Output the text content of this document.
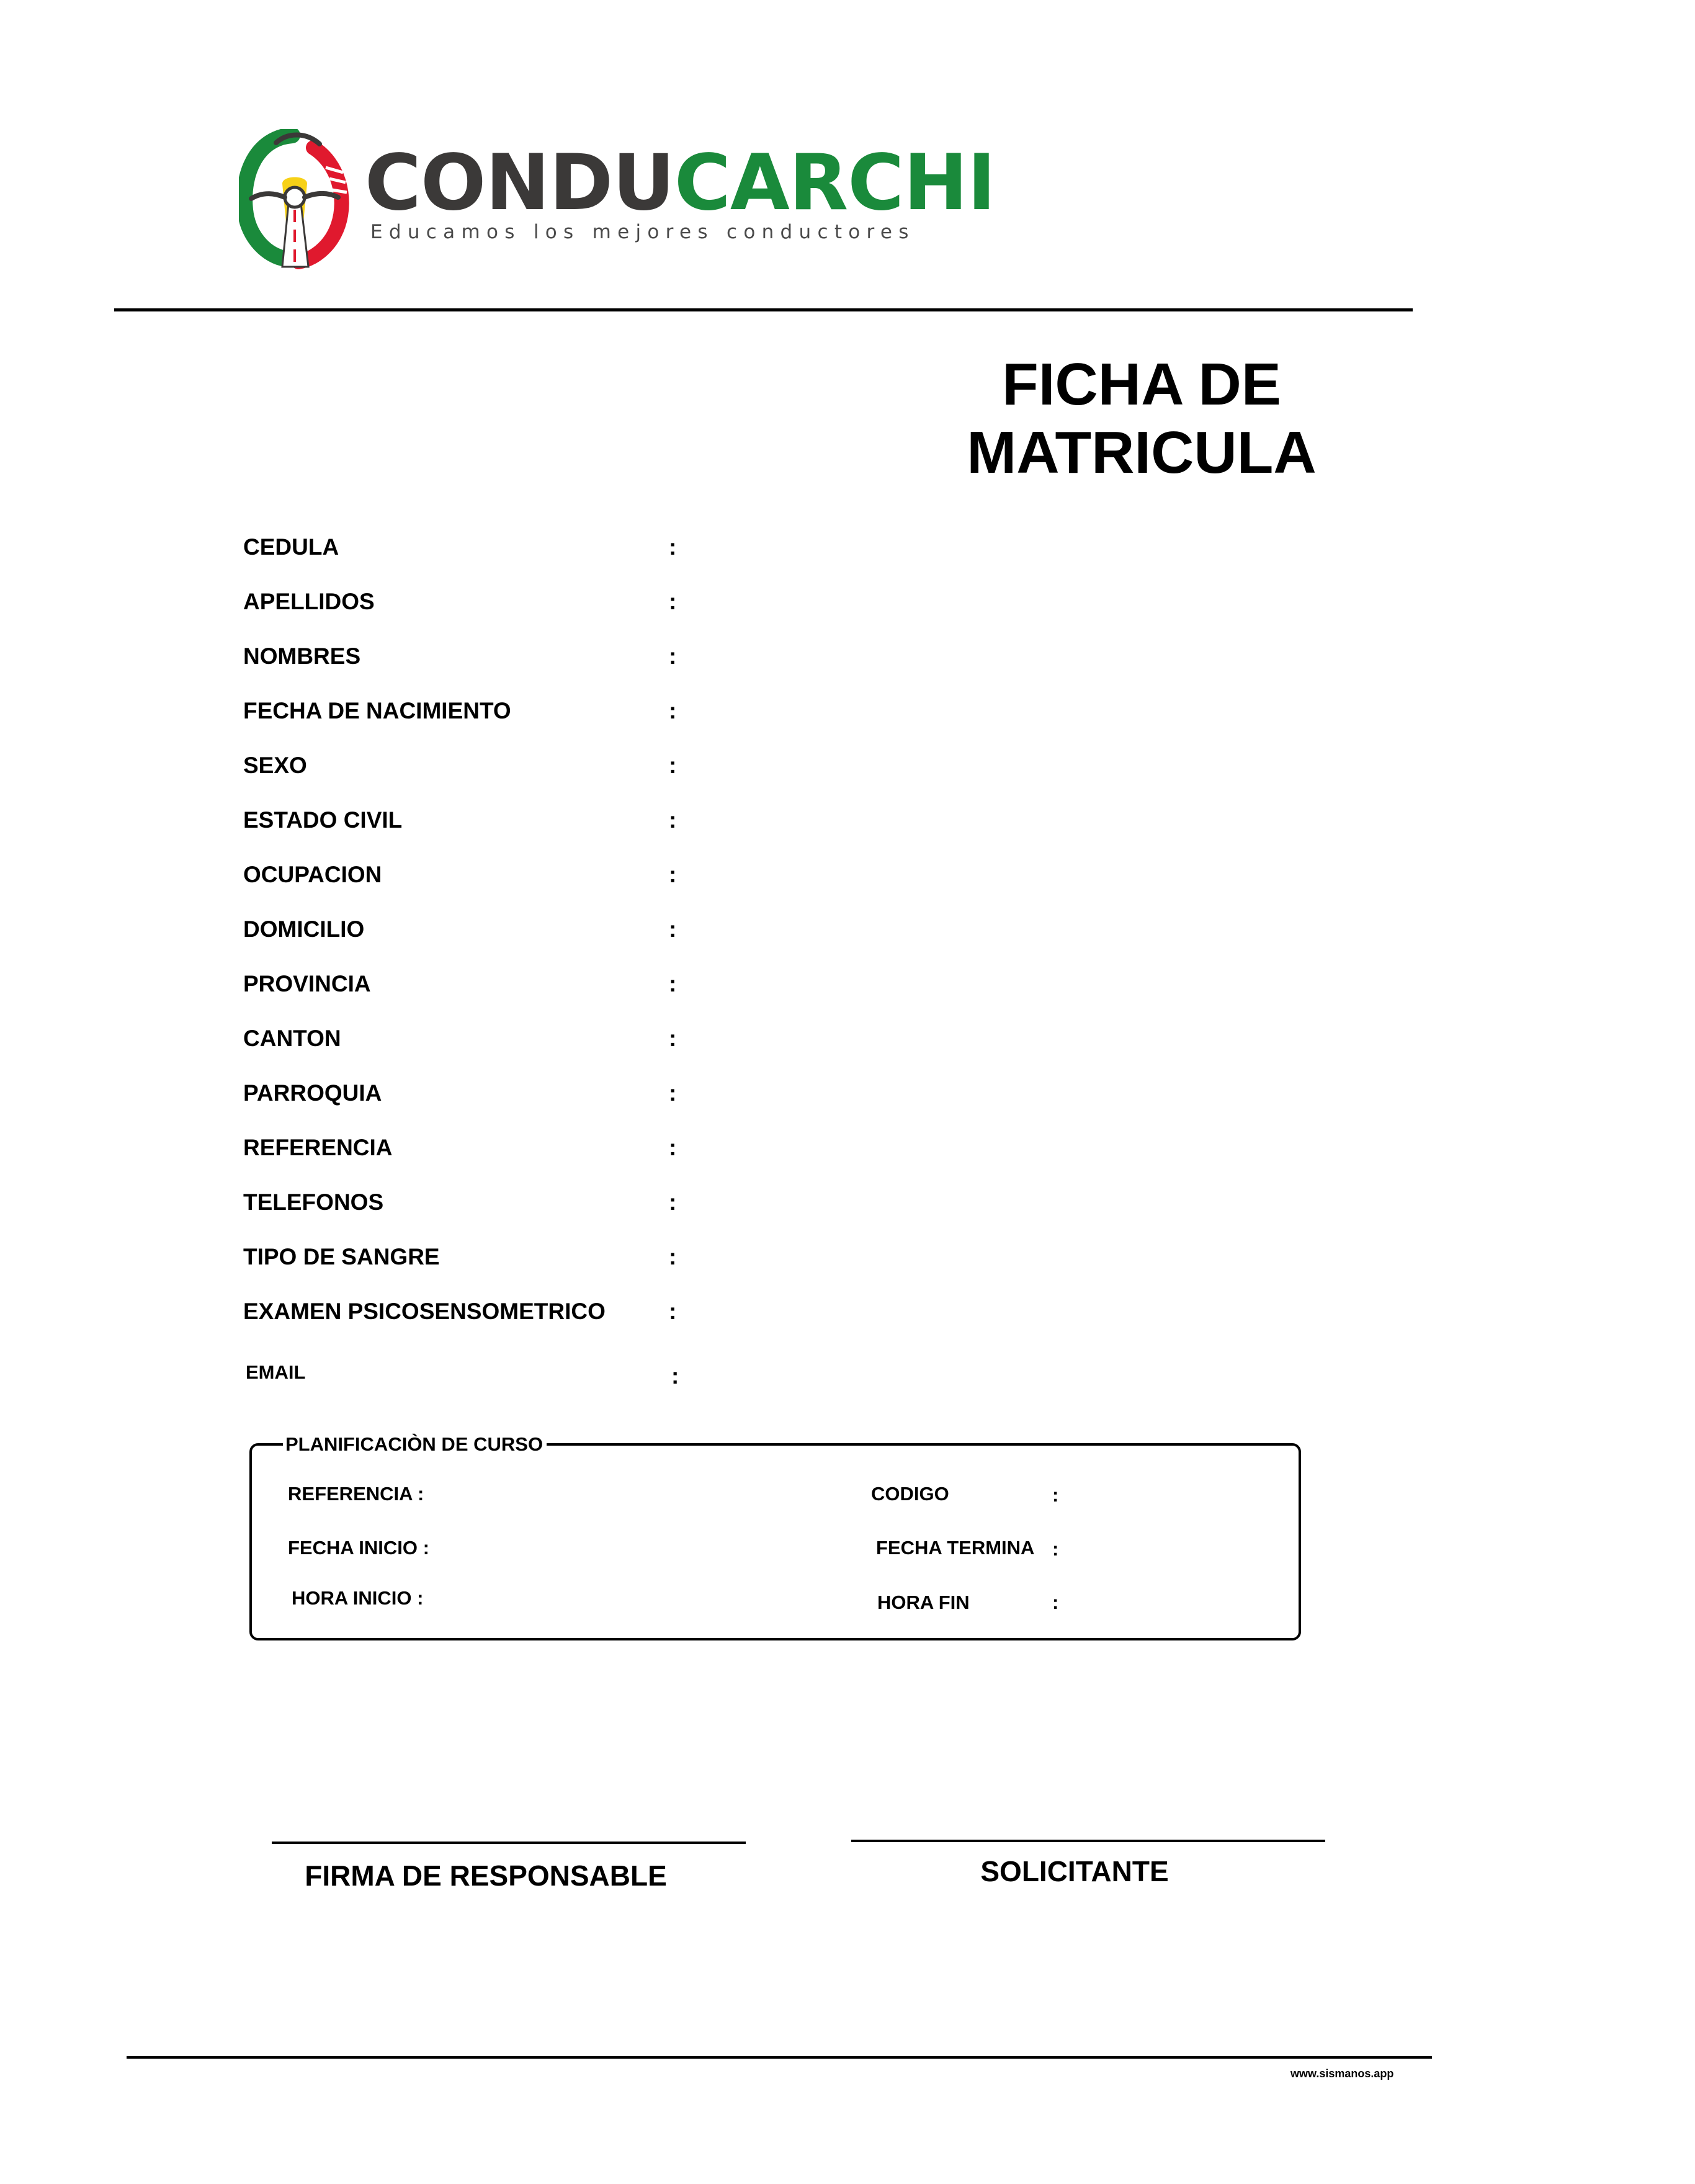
CONDUCARCHI
Educamos los mejores conductores
FICHA DE
MATRICULA
CEDULA	:
APELLIDOS	:
NOMBRES	:
FECHA DE NACIMIENTO	:
SEXO	:
ESTADO CIVIL	:
OCUPACION	:
DOMICILIO	:
PROVINCIA	:
CANTON	:
PARROQUIA	:
REFERENCIA	:
TELEFONOS	:
TIPO DE SANGRE	:
EXAMEN PSICOSENSOMETRICO	:
EMAIL	:
PLANIFICACIÒN DE CURSO
REFERENCIA :
FECHA INICIO :
HORA INICIO :
CODIGO	:
FECHA TERMINA :
HORA FIN	:
FIRMA DE RESPONSABLE	SOLICITANTE
www.sismanos.app
